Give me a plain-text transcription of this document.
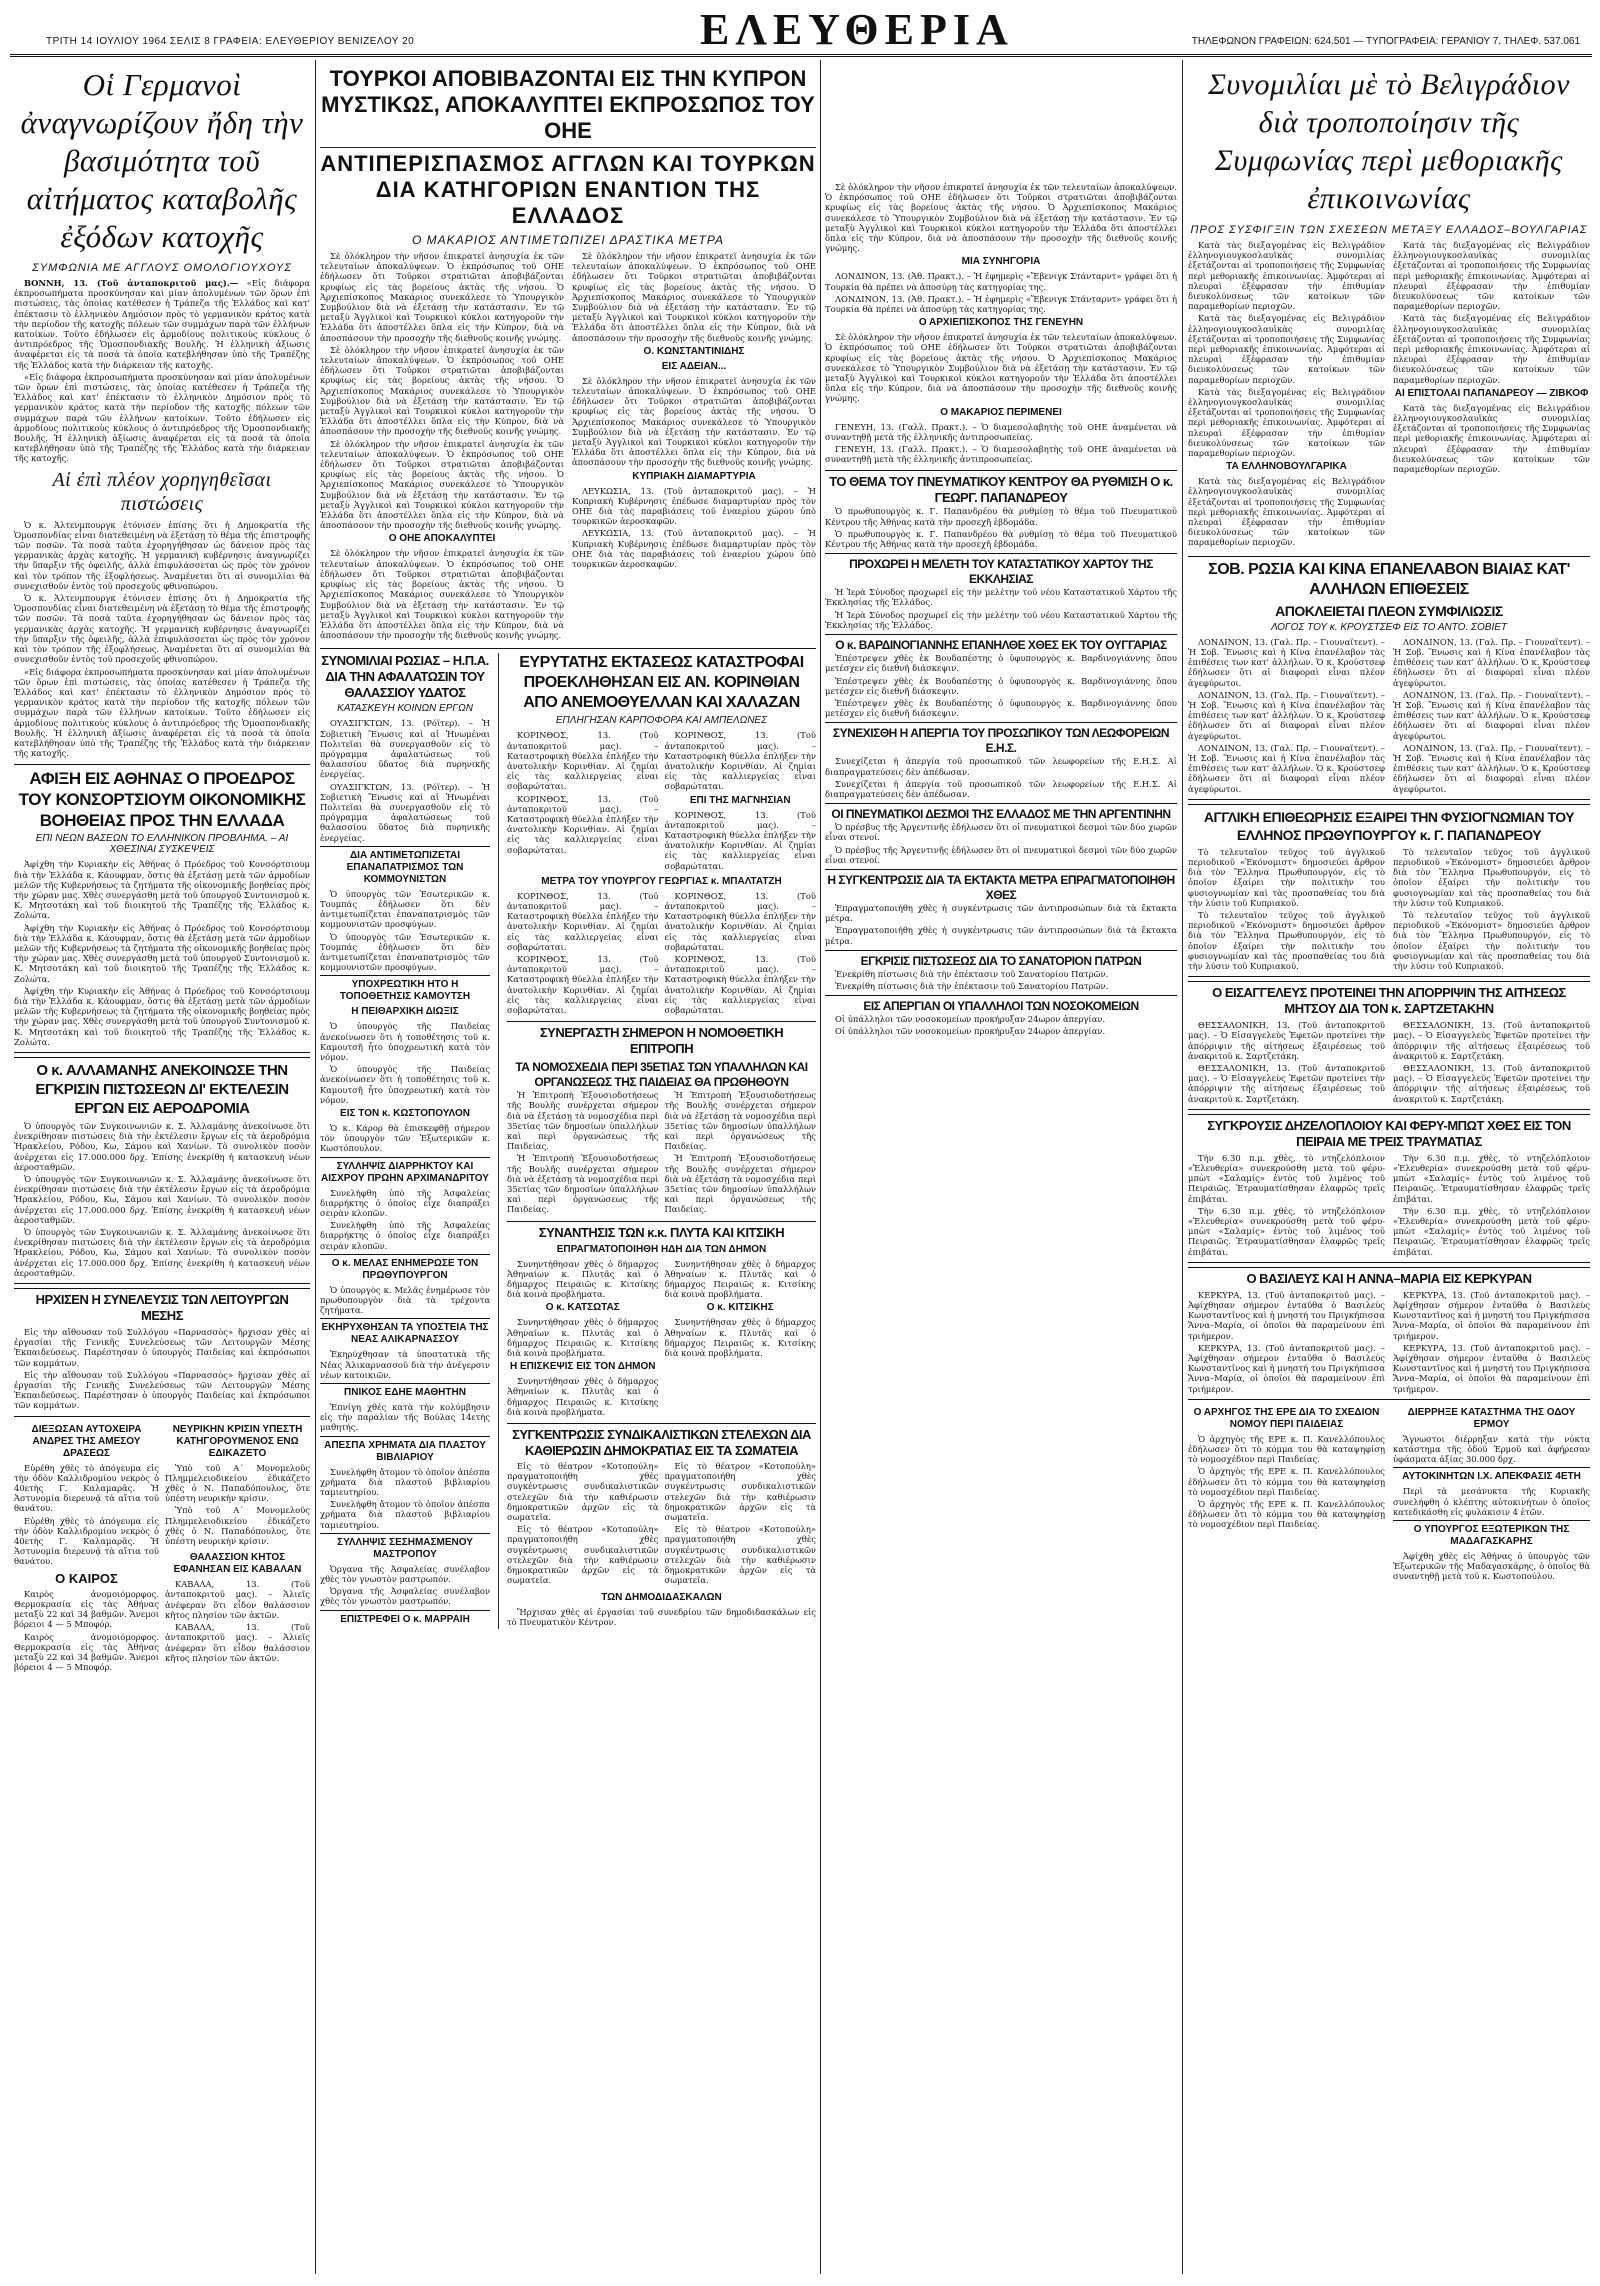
ΤΡΙΤΗ 14 ΙΟΥΛΙΟΥ 1964 ΣΕΛΙΣ 8 ΓΡΑΦΕΙΑ: ΕΛΕΥΘΕΡΙΟΥ ΒΕΝΙΖΕΛΟΥ 20	ΕΛΕΥΘΕΡΙΑ	ΤΗΛΕΦΩΝΟΝ ΓΡΑΦΕΙΩΝ: 624.501 — ΤΥΠΟΓΡΑΦΕΙΑ: ΓΕΡΑΝΙΟΥ 7. ΤΗΛΕΦ. 537.061
Οἱ Γερμανοὶ ἀναγνωρίζουν ἤδη τὴν βασιμότητα τοῦ αἰτήματος καταβολῆς ἐξόδων κατοχῆς
ΣΥΜΦΩΝΙΑ ΜΕ ΑΓΓΛΟΥΣ ΟΜΟΛΟΓΙΟΥΧΟΥΣ

ΒΟΝΝΗ, 13. (Τοῦ ἀνταποκριτοῦ μας).— «Εἰς διάφορα ἐκπροσωπήματα προσκύνησαν καὶ μίαν ἀπολυμένων τῶν ὅρων ἐπὶ πιστώσεις, τὰς ὁποίας κατέθεσεν ἡ Τράπεζα τῆς Ἑλλάδος καὶ κατ' ἐπέκτασιν τὸ ἑλληνικὸν Δημόσιον πρὸς τὸ γερμανικὸν κράτος κατὰ τὴν περίοδον τῆς κατοχῆς πόλεων τῶν συμμάχων παρὰ τῶν ἐλλήνων κατοίκων. Τοῦτο ἐδήλωσεν εἰς ἀρμοδίους πολιτικοὺς κύκλους ὁ ἀντιπρόεδρος τῆς Ὁμοσπονδιακῆς Βουλῆς. Ἡ ἑλληνικὴ ἀξίωσις ἀναφέρεται εἰς τὰ ποσὰ τὰ ὁποῖα κατεβλήθησαν ὑπὸ τῆς Τραπέζης τῆς Ἑλλάδος κατὰ τὴν διάρκειαν τῆς κατοχῆς.

«Εἰς διάφορα ἐκπροσωπήματα προσκύνησαν καὶ μίαν ἀπολυμένων τῶν ὅρων ἐπὶ πιστώσεις, τὰς ὁποίας κατέθεσεν ἡ Τράπεζα τῆς Ἑλλάδος καὶ κατ' ἐπέκτασιν τὸ ἑλληνικὸν Δημόσιον πρὸς τὸ γερμανικὸν κράτος κατὰ τὴν περίοδον τῆς κατοχῆς πόλεων τῶν συμμάχων παρὰ τῶν ἐλλήνων κατοίκων. Τοῦτο ἐδήλωσεν εἰς ἀρμοδίους πολιτικοὺς κύκλους ὁ ἀντιπρόεδρος τῆς Ὁμοσπονδιακῆς Βουλῆς. Ἡ ἑλληνικὴ ἀξίωσις ἀναφέρεται εἰς τὰ ποσὰ τὰ ὁποῖα κατεβλήθησαν ὑπὸ τῆς Τραπέζης τῆς Ἑλλάδος κατὰ τὴν διάρκειαν τῆς κατοχῆς.

Αἱ ἐπὶ πλέον χορηγηθεῖσαι πιστώσεις

Ὁ κ. Ἀλτενμπουργκ ἐτόνισεν ἐπίσης ὅτι ἡ Δημοκρατία τῆς Ὁμοσπονδίας εἶναι διατεθειμένη νὰ ἐξετάσῃ τὸ θέμα τῆς ἐπιστροφῆς τῶν ποσῶν. Τὰ ποσὰ ταῦτα ἐχορηγήθησαν ὡς δάνειον πρὸς τὰς γερμανικὰς ἀρχὰς κατοχῆς. Ἡ γερμανικὴ κυβέρνησις ἀναγνωρίζει τὴν ὕπαρξιν τῆς ὀφειλῆς, ἀλλὰ ἐπιφυλάσσεται ὡς πρὸς τὸν χρόνον καὶ τὸν τρόπον τῆς ἐξοφλήσεως. Ἀναμένεται ὅτι αἱ συνομιλίαι θὰ συνεχισθοῦν ἐντὸς τοῦ προσεχοῦς φθινοπώρου.

Ὁ κ. Ἀλτενμπουργκ ἐτόνισεν ἐπίσης ὅτι ἡ Δημοκρατία τῆς Ὁμοσπονδίας εἶναι διατεθειμένη νὰ ἐξετάσῃ τὸ θέμα τῆς ἐπιστροφῆς τῶν ποσῶν. Τὰ ποσὰ ταῦτα ἐχορηγήθησαν ὡς δάνειον πρὸς τὰς γερμανικὰς ἀρχὰς κατοχῆς. Ἡ γερμανικὴ κυβέρνησις ἀναγνωρίζει τὴν ὕπαρξιν τῆς ὀφειλῆς, ἀλλὰ ἐπιφυλάσσεται ὡς πρὸς τὸν χρόνον καὶ τὸν τρόπον τῆς ἐξοφλήσεως. Ἀναμένεται ὅτι αἱ συνομιλίαι θὰ συνεχισθοῦν ἐντὸς τοῦ προσεχοῦς φθινοπώρου.

«Εἰς διάφορα ἐκπροσωπήματα προσκύνησαν καὶ μίαν ἀπολυμένων τῶν ὅρων ἐπὶ πιστώσεις, τὰς ὁποίας κατέθεσεν ἡ Τράπεζα τῆς Ἑλλάδος καὶ κατ' ἐπέκτασιν τὸ ἑλληνικὸν Δημόσιον πρὸς τὸ γερμανικὸν κράτος κατὰ τὴν περίοδον τῆς κατοχῆς πόλεων τῶν συμμάχων παρὰ τῶν ἐλλήνων κατοίκων. Τοῦτο ἐδήλωσεν εἰς ἀρμοδίους πολιτικοὺς κύκλους ὁ ἀντιπρόεδρος τῆς Ὁμοσπονδιακῆς Βουλῆς. Ἡ ἑλληνικὴ ἀξίωσις ἀναφέρεται εἰς τὰ ποσὰ τὰ ὁποῖα κατεβλήθησαν ὑπὸ τῆς Τραπέζης τῆς Ἑλλάδος κατὰ τὴν διάρκειαν τῆς κατοχῆς.

ΑΦΙΞΗ ΕΙΣ ΑΘΗΝΑΣ Ο ΠΡΟΕΔΡΟΣ ΤΟΥ ΚΟΝΣΟΡΤΣΙΟΥΜ ΟΙΚΟΝΟΜΙΚΗΣ ΒΟΗΘΕΙΑΣ ΠΡΟΣ ΤΗΝ ΕΛΛΑΔΑ
ΕΠΙ ΝΕΩΝ ΒΑΣΕΩΝ ΤΟ ΕΛΛΗΝΙΚΟΝ ΠΡΟΒΛΗΜΑ. – ΑΙ ΧΘΕΣΙΝΑΙ ΣΥΣΚΕΨΕΙΣ

Ἀφίχθη τὴν Κυριακὴν εἰς Ἀθήνας ὁ Πρόεδρος τοῦ Κονσόρτσιουμ διὰ τὴν Ἑλλάδα κ. Κάουφμαν, ὅστις θὰ ἐξετάσῃ μετὰ τῶν ἁρμοδίων μελῶν τῆς Κυβερνήσεως τὰ ζητήματα τῆς οἰκονομικῆς βοηθείας πρὸς τὴν χώραν μας. Χθὲς συνεργάσθη μετὰ τοῦ ὑπουργοῦ Συντονισμοῦ κ. Κ. Μητσοτάκη καὶ τοῦ διοικητοῦ τῆς Τραπέζης τῆς Ἑλλάδος κ. Ζολώτα.

Ἀφίχθη τὴν Κυριακὴν εἰς Ἀθήνας ὁ Πρόεδρος τοῦ Κονσόρτσιουμ διὰ τὴν Ἑλλάδα κ. Κάουφμαν, ὅστις θὰ ἐξετάσῃ μετὰ τῶν ἁρμοδίων μελῶν τῆς Κυβερνήσεως τὰ ζητήματα τῆς οἰκονομικῆς βοηθείας πρὸς τὴν χώραν μας. Χθὲς συνεργάσθη μετὰ τοῦ ὑπουργοῦ Συντονισμοῦ κ. Κ. Μητσοτάκη καὶ τοῦ διοικητοῦ τῆς Τραπέζης τῆς Ἑλλάδος κ. Ζολώτα.

Ἀφίχθη τὴν Κυριακὴν εἰς Ἀθήνας ὁ Πρόεδρος τοῦ Κονσόρτσιουμ διὰ τὴν Ἑλλάδα κ. Κάουφμαν, ὅστις θὰ ἐξετάσῃ μετὰ τῶν ἁρμοδίων μελῶν τῆς Κυβερνήσεως τὰ ζητήματα τῆς οἰκονομικῆς βοηθείας πρὸς τὴν χώραν μας. Χθὲς συνεργάσθη μετὰ τοῦ ὑπουργοῦ Συντονισμοῦ κ. Κ. Μητσοτάκη καὶ τοῦ διοικητοῦ τῆς Τραπέζης τῆς Ἑλλάδος κ. Ζολώτα.

Ο κ. ΑΛΛΑΜΑΝΗΣ ΑΝΕΚΟΙΝΩΣΕ ΤΗΝ ΕΓΚΡΙΣΙΝ ΠΙΣΤΩΣΕΩΝ ΔΙ' ΕΚΤΕΛΕΣΙΝ ΕΡΓΩΝ ΕΙΣ ΑΕΡΟΔΡΟΜΙΑ

Ὁ ὑπουργὸς τῶν Συγκοινωνιῶν κ. Σ. Ἀλλαμάνης ἀνεκοίνωσε ὅτι ἐνεκρίθησαν πιστώσεις διὰ τὴν ἐκτέλεσιν ἔργων εἰς τὰ ἀεροδρόμια Ἡρακλείου, Ρόδου, Κω, Σάμου καὶ Χανίων. Τὸ συνολικὸν ποσὸν ἀνέρχεται εἰς 17.000.000 δρχ. Ἐπίσης ἐνεκρίθη ἡ κατασκευὴ νέων ἀεροσταθμῶν.

Ὁ ὑπουργὸς τῶν Συγκοινωνιῶν κ. Σ. Ἀλλαμάνης ἀνεκοίνωσε ὅτι ἐνεκρίθησαν πιστώσεις διὰ τὴν ἐκτέλεσιν ἔργων εἰς τὰ ἀεροδρόμια Ἡρακλείου, Ρόδου, Κω, Σάμου καὶ Χανίων. Τὸ συνολικὸν ποσὸν ἀνέρχεται εἰς 17.000.000 δρχ. Ἐπίσης ἐνεκρίθη ἡ κατασκευὴ νέων ἀεροσταθμῶν.

Ὁ ὑπουργὸς τῶν Συγκοινωνιῶν κ. Σ. Ἀλλαμάνης ἀνεκοίνωσε ὅτι ἐνεκρίθησαν πιστώσεις διὰ τὴν ἐκτέλεσιν ἔργων εἰς τὰ ἀεροδρόμια Ἡρακλείου, Ρόδου, Κω, Σάμου καὶ Χανίων. Τὸ συνολικὸν ποσὸν ἀνέρχεται εἰς 17.000.000 δρχ. Ἐπίσης ἐνεκρίθη ἡ κατασκευὴ νέων ἀεροσταθμῶν.

ΗΡΧΙΣΕΝ Η ΣΥΝΕΛΕΥΣΙΣ ΤΩΝ ΛΕΙΤΟΥΡΓΩΝ ΜΕΣΗΣ

Εἰς τὴν αἴθουσαν τοῦ Συλλόγου «Παρνασσὸς» ἤρχισαν χθὲς αἱ ἐργασίαι τῆς Γενικῆς Συνελεύσεως τῶν Λειτουργῶν Μέσης Ἐκπαιδεύσεως. Παρέστησαν ὁ ὑπουργὸς Παιδείας καὶ ἐκπρόσωποι τῶν κομμάτων.

Εἰς τὴν αἴθουσαν τοῦ Συλλόγου «Παρνασσὸς» ἤρχισαν χθὲς αἱ ἐργασίαι τῆς Γενικῆς Συνελεύσεως τῶν Λειτουργῶν Μέσης Ἐκπαιδεύσεως. Παρέστησαν ὁ ὑπουργὸς Παιδείας καὶ ἐκπρόσωποι τῶν κομμάτων.

ΔΙΕΞΩΣΑΝ ΑΥΤΟΧΕΙΡΑ ΑΝΔΡΕΣ ΤΗΣ ΑΜΕΣΟΥ ΔΡΑΣΕΩΣ

Εὑρέθη χθὲς τὸ ἀπόγευμα εἰς τὴν ὁδὸν Καλλιδρομίου νεκρὸς ὁ 40ετὴς Γ. Καλαμαρᾶς. Ἡ Ἀστυνομία διερευνᾷ τὰ αἴτια τοῦ θανάτου.

Εὑρέθη χθὲς τὸ ἀπόγευμα εἰς τὴν ὁδὸν Καλλιδρομίου νεκρὸς ὁ 40ετὴς Γ. Καλαμαρᾶς. Ἡ Ἀστυνομία διερευνᾷ τὰ αἴτια τοῦ θανάτου.

Ο ΚΑΙΡΟΣ

Καιρὸς ἀνομοιόμορφος. Θερμοκρασία εἰς τὰς Ἀθήνας μεταξὺ 22 καὶ 34 βαθμῶν. Ἄνεμοι βόρειοι 4 — 5 Μποφόρ.

Καιρὸς ἀνομοιόμορφος. Θερμοκρασία εἰς τὰς Ἀθήνας μεταξὺ 22 καὶ 34 βαθμῶν. Ἄνεμοι βόρειοι 4 — 5 Μποφόρ.

ΝΕΥΡΙΚΗΝ ΚΡΙΣΙΝ ΥΠΕΣΤΗ ΚΑΤΗΓΟΡΟΥΜΕΝΟΣ ΕΝΩ ΕΔΙΚΑΖΕΤΟ

Ὑπὸ τοῦ Α΄ Μονομελοῦς Πλημμελειοδικείου ἐδικάζετο χθὲς ὁ Ν. Παπαδόπουλος, ὅτε ὑπέστη νευρικὴν κρίσιν.

Ὑπὸ τοῦ Α΄ Μονομελοῦς Πλημμελειοδικείου ἐδικάζετο χθὲς ὁ Ν. Παπαδόπουλος, ὅτε ὑπέστη νευρικὴν κρίσιν.

ΘΑΛΑΣΣΙΟΝ ΚΗΤΟΣ ΕΦΑΝΗΣΑΝ ΕΙΣ ΚΑΒΑΛΑΝ

ΚΑΒΑΛΑ, 13. (Τοῦ ἀνταποκριτοῦ μας). – Ἁλιεῖς ἀνέφεραν ὅτι εἶδον θαλάσσιον κῆτος πλησίον τῶν ἀκτῶν.

ΚΑΒΑΛΑ, 13. (Τοῦ ἀνταποκριτοῦ μας). – Ἁλιεῖς ἀνέφεραν ὅτι εἶδον θαλάσσιον κῆτος πλησίον τῶν ἀκτῶν.

ΤΟΥΡΚΟΙ ΑΠΟΒΙΒΑΖΟΝΤΑΙ ΕΙΣ ΤΗΝ ΚΥΠΡΟΝ ΜΥΣΤΙΚΩΣ, ΑΠΟΚΑΛΥΠΤΕΙ ΕΚΠΡΟΣΩΠΟΣ ΤΟΥ ΟΗΕ
ΑΝΤΙΠΕΡΙΣΠΑΣΜΟΣ ΑΓΓΛΩΝ ΚΑΙ ΤΟΥΡΚΩΝ ΔΙΑ ΚΑΤΗΓΟΡΙΩΝ ΕΝΑΝΤΙΟΝ ΤΗΣ ΕΛΛΑΔΟΣ
Ο ΜΑΚΑΡΙΟΣ ΑΝΤΙΜΕΤΩΠΙΖΕΙ ΔΡΑΣΤΙΚΑ ΜΕΤΡΑ

Σὲ ὁλόκληρον τὴν νῆσον ἐπικρατεῖ ἀνησυχία ἐκ τῶν τελευταίων ἀποκαλύψεων. Ὁ ἐκπρόσωπος τοῦ ΟΗΕ ἐδήλωσεν ὅτι Τοῦρκοι στρατιῶται ἀποβιβάζονται κρυφίως εἰς τὰς βορείους ἀκτὰς τῆς νήσου. Ὁ Ἀρχιεπίσκοπος Μακάριος συνεκάλεσε τὸ Ὑπουργικὸν Συμβούλιον διὰ νὰ ἐξετάσῃ τὴν κατάστασιν. Ἐν τῷ μεταξὺ Ἀγγλικοὶ καὶ Τουρκικοὶ κύκλοι κατηγοροῦν τὴν Ἑλλάδα ὅτι ἀποστέλλει ὅπλα εἰς τὴν Κύπρον, διὰ νὰ ἀποσπάσουν τὴν προσοχὴν τῆς διεθνοῦς κοινῆς γνώμης.

Σὲ ὁλόκληρον τὴν νῆσον ἐπικρατεῖ ἀνησυχία ἐκ τῶν τελευταίων ἀποκαλύψεων. Ὁ ἐκπρόσωπος τοῦ ΟΗΕ ἐδήλωσεν ὅτι Τοῦρκοι στρατιῶται ἀποβιβάζονται κρυφίως εἰς τὰς βορείους ἀκτὰς τῆς νήσου. Ὁ Ἀρχιεπίσκοπος Μακάριος συνεκάλεσε τὸ Ὑπουργικὸν Συμβούλιον διὰ νὰ ἐξετάσῃ τὴν κατάστασιν. Ἐν τῷ μεταξὺ Ἀγγλικοὶ καὶ Τουρκικοὶ κύκλοι κατηγοροῦν τὴν Ἑλλάδα ὅτι ἀποστέλλει ὅπλα εἰς τὴν Κύπρον, διὰ νὰ ἀποσπάσουν τὴν προσοχὴν τῆς διεθνοῦς κοινῆς γνώμης.

Σὲ ὁλόκληρον τὴν νῆσον ἐπικρατεῖ ἀνησυχία ἐκ τῶν τελευταίων ἀποκαλύψεων. Ὁ ἐκπρόσωπος τοῦ ΟΗΕ ἐδήλωσεν ὅτι Τοῦρκοι στρατιῶται ἀποβιβάζονται κρυφίως εἰς τὰς βορείους ἀκτὰς τῆς νήσου. Ὁ Ἀρχιεπίσκοπος Μακάριος συνεκάλεσε τὸ Ὑπουργικὸν Συμβούλιον διὰ νὰ ἐξετάσῃ τὴν κατάστασιν. Ἐν τῷ μεταξὺ Ἀγγλικοὶ καὶ Τουρκικοὶ κύκλοι κατηγοροῦν τὴν Ἑλλάδα ὅτι ἀποστέλλει ὅπλα εἰς τὴν Κύπρον, διὰ νὰ ἀποσπάσουν τὴν προσοχὴν τῆς διεθνοῦς κοινῆς γνώμης.

Ο ΟΗΕ ΑΠΟΚΑΛΥΠΤΕΙ

Σὲ ὁλόκληρον τὴν νῆσον ἐπικρατεῖ ἀνησυχία ἐκ τῶν τελευταίων ἀποκαλύψεων. Ὁ ἐκπρόσωπος τοῦ ΟΗΕ ἐδήλωσεν ὅτι Τοῦρκοι στρατιῶται ἀποβιβάζονται κρυφίως εἰς τὰς βορείους ἀκτὰς τῆς νήσου. Ὁ Ἀρχιεπίσκοπος Μακάριος συνεκάλεσε τὸ Ὑπουργικὸν Συμβούλιον διὰ νὰ ἐξετάσῃ τὴν κατάστασιν. Ἐν τῷ μεταξὺ Ἀγγλικοὶ καὶ Τουρκικοὶ κύκλοι κατηγοροῦν τὴν Ἑλλάδα ὅτι ἀποστέλλει ὅπλα εἰς τὴν Κύπρον, διὰ νὰ ἀποσπάσουν τὴν προσοχὴν τῆς διεθνοῦς κοινῆς γνώμης.

Σὲ ὁλόκληρον τὴν νῆσον ἐπικρατεῖ ἀνησυχία ἐκ τῶν τελευταίων ἀποκαλύψεων. Ὁ ἐκπρόσωπος τοῦ ΟΗΕ ἐδήλωσεν ὅτι Τοῦρκοι στρατιῶται ἀποβιβάζονται κρυφίως εἰς τὰς βορείους ἀκτὰς τῆς νήσου. Ὁ Ἀρχιεπίσκοπος Μακάριος συνεκάλεσε τὸ Ὑπουργικὸν Συμβούλιον διὰ νὰ ἐξετάσῃ τὴν κατάστασιν. Ἐν τῷ μεταξὺ Ἀγγλικοὶ καὶ Τουρκικοὶ κύκλοι κατηγοροῦν τὴν Ἑλλάδα ὅτι ἀποστέλλει ὅπλα εἰς τὴν Κύπρον, διὰ νὰ ἀποσπάσουν τὴν προσοχὴν τῆς διεθνοῦς κοινῆς γνώμης.

Ο. ΚΩΝΣΤΑΝΤΙΝΙΔΗΣ
ΕΙΣ ΑΔΕΙΑΝ...

Σὲ ὁλόκληρον τὴν νῆσον ἐπικρατεῖ ἀνησυχία ἐκ τῶν τελευταίων ἀποκαλύψεων. Ὁ ἐκπρόσωπος τοῦ ΟΗΕ ἐδήλωσεν ὅτι Τοῦρκοι στρατιῶται ἀποβιβάζονται κρυφίως εἰς τὰς βορείους ἀκτὰς τῆς νήσου. Ὁ Ἀρχιεπίσκοπος Μακάριος συνεκάλεσε τὸ Ὑπουργικὸν Συμβούλιον διὰ νὰ ἐξετάσῃ τὴν κατάστασιν. Ἐν τῷ μεταξὺ Ἀγγλικοὶ καὶ Τουρκικοὶ κύκλοι κατηγοροῦν τὴν Ἑλλάδα ὅτι ἀποστέλλει ὅπλα εἰς τὴν Κύπρον, διὰ νὰ ἀποσπάσουν τὴν προσοχὴν τῆς διεθνοῦς κοινῆς γνώμης.

ΚΥΠΡΙΑΚΗ ΔΙΑΜΑΡΤΥΡΙΑ

ΛΕΥΚΩΣΙΑ, 13. (Τοῦ ἀνταποκριτοῦ μας). – Ἡ Κυπριακὴ Κυβέρνησις ἐπέδωσε διαμαρτυρίαν πρὸς τὸν ΟΗΕ διὰ τὰς παραβιάσεις τοῦ ἐναερίου χώρου ὑπὸ τουρκικῶν ἀεροσκαφῶν.

ΛΕΥΚΩΣΙΑ, 13. (Τοῦ ἀνταποκριτοῦ μας). – Ἡ Κυπριακὴ Κυβέρνησις ἐπέδωσε διαμαρτυρίαν πρὸς τὸν ΟΗΕ διὰ τὰς παραβιάσεις τοῦ ἐναερίου χώρου ὑπὸ τουρκικῶν ἀεροσκαφῶν.

ΣΥΝΟΜΙΛΙΑΙ ΡΩΣΙΑΣ – Η.Π.Α. ΔΙΑ ΤΗΝ ΑΦΑΛΑΤΩΣΙΝ ΤΟΥ ΘΑΛΑΣΣΙΟΥ ΥΔΑΤΟΣ
ΚΑΤΑΣΚΕΥΗ ΚΟΙΝΩΝ ΕΡΓΩΝ

ΟΥΑΣΙΓΚΤΩΝ, 13. (Ρόϊτερ). – Ἡ Σοβιετικὴ Ἕνωσις καὶ αἱ Ἡνωμέναι Πολιτεῖαι θὰ συνεργασθοῦν εἰς τὸ πρόγραμμα ἀφαλατώσεως τοῦ θαλασσίου ὕδατος διὰ πυρηνικῆς ἐνεργείας.

ΟΥΑΣΙΓΚΤΩΝ, 13. (Ρόϊτερ). – Ἡ Σοβιετικὴ Ἕνωσις καὶ αἱ Ἡνωμέναι Πολιτεῖαι θὰ συνεργασθοῦν εἰς τὸ πρόγραμμα ἀφαλατώσεως τοῦ θαλασσίου ὕδατος διὰ πυρηνικῆς ἐνεργείας.

ΔΙΑ ΑΝΤΙΜΕΤΩΠΙΖΕΤΑΙ ΕΠΑΝΑΠΑΤΡΙΣΜΟΣ ΤΩΝ ΚΟΜΜΟΥΝΙΣΤΩΝ

Ὁ ὑπουργὸς τῶν Ἐσωτερικῶν κ. Τουμπάς ἐδήλωσεν ὅτι δὲν ἀντιμετωπίζεται ἐπαναπατρισμὸς τῶν κομμουνιστῶν προσφύγων.

Ὁ ὑπουργὸς τῶν Ἐσωτερικῶν κ. Τουμπάς ἐδήλωσεν ὅτι δὲν ἀντιμετωπίζεται ἐπαναπατρισμὸς τῶν κομμουνιστῶν προσφύγων.

ΥΠΟΧΡΕΩΤΙΚΗ ΗΤΟ Η ΤΟΠΟΘΕΤΗΣΙΣ ΚΑΜΟΥΤΣΗ
Η ΠΕΙΘΑΡΧΙΚΗ ΔΙΩΞΙΣ

Ὁ ὑπουργὸς τῆς Παιδείας ἀνεκοίνωσεν ὅτι ἡ τοποθέτησις τοῦ κ. Καμουτσῆ ἦτο ὑποχρεωτικὴ κατὰ τὸν νόμον.

Ὁ ὑπουργὸς τῆς Παιδείας ἀνεκοίνωσεν ὅτι ἡ τοποθέτησις τοῦ κ. Καμουτσῆ ἦτο ὑποχρεωτικὴ κατὰ τὸν νόμον.

ΕΙΣ ΤΟΝ κ. ΚΩΣΤΟΠΟΥΛΟΝ

Ὁ κ. Κάρορ θὰ ἐπισκεφθῇ σήμερον τὸν ὑπουργὸν τῶν Ἐξωτερικῶν κ. Κωστόπουλον.

ΣΥΛΛΗΨΙΣ ΔΙΑΡΡΗΚΤΟΥ ΚΑΙ ΑΙΣΧΡΟΥ ΠΡΩΗΝ ΑΡΧΙΜΑΝΔΡΙΤΟΥ

Συνελήφθη ὑπὸ τῆς Ἀσφαλείας διαρρήκτης ὁ ὁποῖος εἶχε διαπράξει σειρὰν κλοπῶν.

Συνελήφθη ὑπὸ τῆς Ἀσφαλείας διαρρήκτης ὁ ὁποῖος εἶχε διαπράξει σειρὰν κλοπῶν.

Ο κ. ΜΕΛΑΣ ΕΝΗΜΕΡΩΣΕ ΤΟΝ ΠΡΩΘΥΠΟΥΡΓΟΝ

Ὁ ὑπουργὸς κ. Μελᾶς ἐνημέρωσε τὸν πρωθυπουργὸν διὰ τὰ τρέχοντα ζητήματα.

ΕΚΗΡΥΧΘΗΣΑΝ ΤΑ ΥΠΟΣΤΕΙΑ ΤΗΣ ΝΕΑΣ ΑΛΙΚΑΡΝΑΣΣΟΥ

Ἐκηρύχθησαν τὰ ὑποστατικὰ τῆς Νέας Ἀλικαρνασσοῦ διὰ τὴν ἀνέγερσιν νέων κατοικιῶν.

ΠΝΙΚΟΣ ΕΔΗΕ ΜΑΘΗΤΗΝ

Ἐπνίγη χθὲς κατὰ τὴν κολύμβησιν εἰς τὴν παραλίαν τῆς Βούλας 14ετὴς μαθητής.

ΑΠΕΣΠΑ ΧΡΗΜΑΤΑ ΔΙΑ ΠΛΑΣΤΟΥ ΒΙΒΛΙΑΡΙΟΥ

Συνελήφθη ἄτομον τὸ ὁποῖον ἀπέσπα χρήματα διὰ πλαστοῦ βιβλιαρίου ταμιευτηρίου.

Συνελήφθη ἄτομον τὸ ὁποῖον ἀπέσπα χρήματα διὰ πλαστοῦ βιβλιαρίου ταμιευτηρίου.

ΣΥΛΛΗΨΙΣ ΣΕΣΗΜΑΣΜΕΝΟΥ ΜΑΣΤΡΟΠΟΥ

Ὀργανα τῆς Ἀσφαλείας συνέλαβον χθὲς τὸν γνωστὸν μαστρωπόν.

Ὀργανα τῆς Ἀσφαλείας συνέλαβον χθὲς τὸν γνωστὸν μαστρωπόν.

ΕΠΙΣΤΡΕΦΕΙ Ο κ. ΜΑΡΡΑΙΗ
ΕΥΡΥΤΑΤΗΣ ΕΚΤΑΣΕΩΣ ΚΑΤΑΣΤΡΟΦΑΙ ΠΡΟΕΚΛΗΘΗΣΑΝ ΕΙΣ ΑΝ. ΚΟΡΙΝΘΙΑΝ ΑΠΟ ΑΝΕΜΟΘΥΕΛΛΑΝ ΚΑΙ ΧΑΛΑΖΑΝ
ΕΠΛΗΓΗΣΑΝ ΚΑΡΠΟΦΟΡΑ ΚΑΙ ΑΜΠΕΛΩΝΕΣ

ΚΟΡΙΝΘΟΣ, 13. (Τοῦ ἀνταποκριτοῦ μας). – Καταστροφικὴ θύελλα ἐπλήξεν τὴν ἀνατολικὴν Κορινθίαν. Αἱ ζημίαι εἰς τὰς καλλιεργείας εἶναι σοβαρώταται.

ΚΟΡΙΝΘΟΣ, 13. (Τοῦ ἀνταποκριτοῦ μας). – Καταστροφικὴ θύελλα ἐπλήξεν τὴν ἀνατολικὴν Κορινθίαν. Αἱ ζημίαι εἰς τὰς καλλιεργείας εἶναι σοβαρώταται.

ΚΟΡΙΝΘΟΣ, 13. (Τοῦ ἀνταποκριτοῦ μας). – Καταστροφικὴ θύελλα ἐπλήξεν τὴν ἀνατολικὴν Κορινθίαν. Αἱ ζημίαι εἰς τὰς καλλιεργείας εἶναι σοβαρώταται.

ΕΠΙ ΤΗΣ ΜΑΓΝΗΣΙΑΝ

ΚΟΡΙΝΘΟΣ, 13. (Τοῦ ἀνταποκριτοῦ μας). – Καταστροφικὴ θύελλα ἐπλήξεν τὴν ἀνατολικὴν Κορινθίαν. Αἱ ζημίαι εἰς τὰς καλλιεργείας εἶναι σοβαρώταται.

ΜΕΤΡΑ ΤΟΥ ΥΠΟΥΡΓΟΥ ΓΕΩΡΓΙΑΣ κ. ΜΠΑΛΤΑΤΖΗ

ΚΟΡΙΝΘΟΣ, 13. (Τοῦ ἀνταποκριτοῦ μας). – Καταστροφικὴ θύελλα ἐπλήξεν τὴν ἀνατολικὴν Κορινθίαν. Αἱ ζημίαι εἰς τὰς καλλιεργείας εἶναι σοβαρώταται.

ΚΟΡΙΝΘΟΣ, 13. (Τοῦ ἀνταποκριτοῦ μας). – Καταστροφικὴ θύελλα ἐπλήξεν τὴν ἀνατολικὴν Κορινθίαν. Αἱ ζημίαι εἰς τὰς καλλιεργείας εἶναι σοβαρώταται.

ΚΟΡΙΝΘΟΣ, 13. (Τοῦ ἀνταποκριτοῦ μας). – Καταστροφικὴ θύελλα ἐπλήξεν τὴν ἀνατολικὴν Κορινθίαν. Αἱ ζημίαι εἰς τὰς καλλιεργείας εἶναι σοβαρώταται.

ΚΟΡΙΝΘΟΣ, 13. (Τοῦ ἀνταποκριτοῦ μας). – Καταστροφικὴ θύελλα ἐπλήξεν τὴν ἀνατολικὴν Κορινθίαν. Αἱ ζημίαι εἰς τὰς καλλιεργείας εἶναι σοβαρώταται.

ΣΥΝΕΡΓΑΣΤΗ ΣΗΜΕΡΟΝ Η ΝΟΜΟΘΕΤΙΚΗ ΕΠΙΤΡΟΠΗ
ΤΑ ΝΟΜΟΣΧΕΔΙΑ ΠΕΡΙ 35ΕΤΙΑΣ ΤΩΝ ΥΠΑΛΛΗΛΩΝ ΚΑΙ ΟΡΓΑΝΩΣΕΩΣ ΤΗΣ ΠΑΙΔΕΙΑΣ ΘΑ ΠΡΩΘΗΘΟΥΝ

Ἡ Ἐπιτροπὴ Ἐξουσιοδοτήσεως τῆς Βουλῆς συνέρχεται σήμερον διὰ νὰ ἐξετάσῃ τὰ νομοσχέδια περὶ 35ετίας τῶν δημοσίων ὑπαλλήλων καὶ περὶ ὀργανώσεως τῆς Παιδείας.

Ἡ Ἐπιτροπὴ Ἐξουσιοδοτήσεως τῆς Βουλῆς συνέρχεται σήμερον διὰ νὰ ἐξετάσῃ τὰ νομοσχέδια περὶ 35ετίας τῶν δημοσίων ὑπαλλήλων καὶ περὶ ὀργανώσεως τῆς Παιδείας.

Ἡ Ἐπιτροπὴ Ἐξουσιοδοτήσεως τῆς Βουλῆς συνέρχεται σήμερον διὰ νὰ ἐξετάσῃ τὰ νομοσχέδια περὶ 35ετίας τῶν δημοσίων ὑπαλλήλων καὶ περὶ ὀργανώσεως τῆς Παιδείας.

Ἡ Ἐπιτροπὴ Ἐξουσιοδοτήσεως τῆς Βουλῆς συνέρχεται σήμερον διὰ νὰ ἐξετάσῃ τὰ νομοσχέδια περὶ 35ετίας τῶν δημοσίων ὑπαλλήλων καὶ περὶ ὀργανώσεως τῆς Παιδείας.

ΣΥΝΑΝΤΗΣΙΣ ΤΩΝ κ.κ. ΠΛΥΤΑ ΚΑΙ ΚΙΤΣΙΚΗ
ΕΠΡΑΓΜΑΤΟΠΟΙΗΘΗ ΗΔΗ ΔΙΑ ΤΩΝ ΔΗΜΟΝ

Συνηντήθησαν χθὲς ὁ δήμαρχος Ἀθηναίων κ. Πλυτᾶς καὶ ὁ δήμαρχος Πειραιῶς κ. Κιτσίκης διὰ κοινὰ προβλήματα.

Ο κ. ΚΑΤΣΩΤΑΣ

Συνηντήθησαν χθὲς ὁ δήμαρχος Ἀθηναίων κ. Πλυτᾶς καὶ ὁ δήμαρχος Πειραιῶς κ. Κιτσίκης διὰ κοινὰ προβλήματα.

Η ΕΠΙΣΚΕΨΙΣ ΕΙΣ ΤΟΝ ΔΗΜΟΝ

Συνηντήθησαν χθὲς ὁ δήμαρχος Ἀθηναίων κ. Πλυτᾶς καὶ ὁ δήμαρχος Πειραιῶς κ. Κιτσίκης διὰ κοινὰ προβλήματα.

Συνηντήθησαν χθὲς ὁ δήμαρχος Ἀθηναίων κ. Πλυτᾶς καὶ ὁ δήμαρχος Πειραιῶς κ. Κιτσίκης διὰ κοινὰ προβλήματα.

Ο κ. ΚΙΤΣΙΚΗΣ

Συνηντήθησαν χθὲς ὁ δήμαρχος Ἀθηναίων κ. Πλυτᾶς καὶ ὁ δήμαρχος Πειραιῶς κ. Κιτσίκης διὰ κοινὰ προβλήματα.

ΣΥΓΚΕΝΤΡΩΣΙΣ ΣΥΝΔΙΚΑΛΙΣΤΙΚΩΝ ΣΤΕΛΕΧΩΝ ΔΙΑ ΚΑΘΙΕΡΩΣΙΝ ΔΗΜΟΚΡΑΤΙΑΣ ΕΙΣ ΤΑ ΣΩΜΑΤΕΙΑ

Εἰς τὸ θέατρον «Κοτοπούλη» πραγματοποιήθη χθὲς συγκέντρωσις συνδικαλιστικῶν στελεχῶν διὰ τὴν καθιέρωσιν δημοκρατικῶν ἀρχῶν εἰς τὰ σωματεῖα.

Εἰς τὸ θέατρον «Κοτοπούλη» πραγματοποιήθη χθὲς συγκέντρωσις συνδικαλιστικῶν στελεχῶν διὰ τὴν καθιέρωσιν δημοκρατικῶν ἀρχῶν εἰς τὰ σωματεῖα.

Εἰς τὸ θέατρον «Κοτοπούλη» πραγματοποιήθη χθὲς συγκέντρωσις συνδικαλιστικῶν στελεχῶν διὰ τὴν καθιέρωσιν δημοκρατικῶν ἀρχῶν εἰς τὰ σωματεῖα.

Εἰς τὸ θέατρον «Κοτοπούλη» πραγματοποιήθη χθὲς συγκέντρωσις συνδικαλιστικῶν στελεχῶν διὰ τὴν καθιέρωσιν δημοκρατικῶν ἀρχῶν εἰς τὰ σωματεῖα.

ΤΩΝ ΔΗΜΟΔΙΔΑΣΚΑΛΩΝ

Ἤρχισαν χθὲς αἱ ἐργασίαι τοῦ συνεδρίου τῶν δημοδιδασκάλων εἰς τὸ Πνευματικὸν Κέντρον.

Σὲ ὁλόκληρον τὴν νῆσον ἐπικρατεῖ ἀνησυχία ἐκ τῶν τελευταίων ἀποκαλύψεων. Ὁ ἐκπρόσωπος τοῦ ΟΗΕ ἐδήλωσεν ὅτι Τοῦρκοι στρατιῶται ἀποβιβάζονται κρυφίως εἰς τὰς βορείους ἀκτὰς τῆς νήσου. Ὁ Ἀρχιεπίσκοπος Μακάριος συνεκάλεσε τὸ Ὑπουργικὸν Συμβούλιον διὰ νὰ ἐξετάσῃ τὴν κατάστασιν. Ἐν τῷ μεταξὺ Ἀγγλικοὶ καὶ Τουρκικοὶ κύκλοι κατηγοροῦν τὴν Ἑλλάδα ὅτι ἀποστέλλει ὅπλα εἰς τὴν Κύπρον, διὰ νὰ ἀποσπάσουν τὴν προσοχὴν τῆς διεθνοῦς κοινῆς γνώμης.

ΜΙΑ ΣΥΝΗΓΟΡΙΑ

ΛΟΝΔΙΝΟΝ, 13. (Ἀθ. Πρακτ.). – Ἡ ἐφημερὶς «Ἔβενιγκ Στάνταρντ» γράφει ὅτι ἡ Τουρκία θὰ πρέπει νὰ ἀποσύρῃ τὰς κατηγορίας της.

ΛΟΝΔΙΝΟΝ, 13. (Ἀθ. Πρακτ.). – Ἡ ἐφημερὶς «Ἔβενιγκ Στάνταρντ» γράφει ὅτι ἡ Τουρκία θὰ πρέπει νὰ ἀποσύρῃ τὰς κατηγορίας της.

Ο ΑΡΧΙΕΠΙΣΚΟΠΟΣ ΤΗΣ ΓΕΝΕΥΗΝ

Σὲ ὁλόκληρον τὴν νῆσον ἐπικρατεῖ ἀνησυχία ἐκ τῶν τελευταίων ἀποκαλύψεων. Ὁ ἐκπρόσωπος τοῦ ΟΗΕ ἐδήλωσεν ὅτι Τοῦρκοι στρατιῶται ἀποβιβάζονται κρυφίως εἰς τὰς βορείους ἀκτὰς τῆς νήσου. Ὁ Ἀρχιεπίσκοπος Μακάριος συνεκάλεσε τὸ Ὑπουργικὸν Συμβούλιον διὰ νὰ ἐξετάσῃ τὴν κατάστασιν. Ἐν τῷ μεταξὺ Ἀγγλικοὶ καὶ Τουρκικοὶ κύκλοι κατηγοροῦν τὴν Ἑλλάδα ὅτι ἀποστέλλει ὅπλα εἰς τὴν Κύπρον, διὰ νὰ ἀποσπάσουν τὴν προσοχὴν τῆς διεθνοῦς κοινῆς γνώμης.

Ο ΜΑΚΑΡΙΟΣ ΠΕΡΙΜΕΝΕΙ

ΓΕΝΕΥΗ, 13. (Γαλλ. Πρακτ.). – Ὁ διαμεσολαβητὴς τοῦ ΟΗΕ ἀναμένεται νὰ συναντηθῇ μετὰ τῆς ἑλληνικῆς ἀντιπροσωπείας.

ΓΕΝΕΥΗ, 13. (Γαλλ. Πρακτ.). – Ὁ διαμεσολαβητὴς τοῦ ΟΗΕ ἀναμένεται νὰ συναντηθῇ μετὰ τῆς ἑλληνικῆς ἀντιπροσωπείας.

ΤΟ ΘΕΜΑ ΤΟΥ ΠΝΕΥΜΑΤΙΚΟΥ ΚΕΝΤΡΟΥ ΘΑ ΡΥΘΜΙΣΗ Ο κ. ΓΕΩΡΓ. ΠΑΠΑΝΔΡΕΟΥ

Ὁ πρωθυπουργὸς κ. Γ. Παπανδρέου θὰ ρυθμίσῃ τὸ θέμα τοῦ Πνευματικοῦ Κέντρου τῆς Ἀθήνας κατὰ τὴν προσεχῆ ἑβδομάδα.

Ὁ πρωθυπουργὸς κ. Γ. Παπανδρέου θὰ ρυθμίσῃ τὸ θέμα τοῦ Πνευματικοῦ Κέντρου τῆς Ἀθήνας κατὰ τὴν προσεχῆ ἑβδομάδα.

ΠΡΟΧΩΡΕΙ Η ΜΕΛΕΤΗ ΤΟΥ ΚΑΤΑΣΤΑΤΙΚΟΥ ΧΑΡΤΟΥ ΤΗΣ ΕΚΚΛΗΣΙΑΣ

Ἡ Ἱερὰ Σύνοδος προχωρεῖ εἰς τὴν μελέτην τοῦ νέου Καταστατικοῦ Χάρτου τῆς Ἐκκλησίας τῆς Ἑλλάδος.

Ἡ Ἱερὰ Σύνοδος προχωρεῖ εἰς τὴν μελέτην τοῦ νέου Καταστατικοῦ Χάρτου τῆς Ἐκκλησίας τῆς Ἑλλάδος.

Ο κ. ΒΑΡΔΙΝΟΓΙΑΝΝΗΣ ΕΠΑΝΗΛΘΕ ΧΘΕΣ ΕΚ ΤΟΥ ΟΥΓΓΑΡΙΑΣ

Ἐπέστρεψεν χθὲς ἐκ Βουδαπέστης ὁ ὑφυπουργὸς κ. Βαρδινογιάννης ὅπου μετέσχεν εἰς διεθνῆ διάσκεψιν.

Ἐπέστρεψεν χθὲς ἐκ Βουδαπέστης ὁ ὑφυπουργὸς κ. Βαρδινογιάννης ὅπου μετέσχεν εἰς διεθνῆ διάσκεψιν.

Ἐπέστρεψεν χθὲς ἐκ Βουδαπέστης ὁ ὑφυπουργὸς κ. Βαρδινογιάννης ὅπου μετέσχεν εἰς διεθνῆ διάσκεψιν.

ΣΥΝΕΧΙΣΘΗ Η ΑΠΕΡΓΙΑ ΤΟΥ ΠΡΟΣΩΠΙΚΟΥ ΤΩΝ ΛΕΩΦΟΡΕΙΩΝ Ε.Η.Σ.

Συνεχίζεται ἡ ἀπεργία τοῦ προσωπικοῦ τῶν λεωφορείων τῆς Ε.Η.Σ. Αἱ διαπραγματεύσεις δὲν ἀπέδωσαν.

Συνεχίζεται ἡ ἀπεργία τοῦ προσωπικοῦ τῶν λεωφορείων τῆς Ε.Η.Σ. Αἱ διαπραγματεύσεις δὲν ἀπέδωσαν.

ΟΙ ΠΝΕΥΜΑΤΙΚΟΙ ΔΕΣΜΟΙ ΤΗΣ ΕΛΛΑΔΟΣ ΜΕ ΤΗΝ ΑΡΓΕΝΤΙΝΗΝ

Ὁ πρέσβυς τῆς Ἀργεντινῆς ἐδήλωσεν ὅτι οἱ πνευματικοὶ δεσμοὶ τῶν δύο χωρῶν εἶναι στενοί.

Ὁ πρέσβυς τῆς Ἀργεντινῆς ἐδήλωσεν ὅτι οἱ πνευματικοὶ δεσμοὶ τῶν δύο χωρῶν εἶναι στενοί.

Η ΣΥΓΚΕΝΤΡΩΣΙΣ ΔΙΑ ΤΑ ΕΚΤΑΚΤΑ ΜΕΤΡΑ ΕΠΡΑΓΜΑΤΟΠΟΙΗΘΗ ΧΘΕΣ

Ἐπραγματοποιήθη χθὲς ἡ συγκέντρωσις τῶν ἀντιπροσώπων διὰ τὰ ἔκτακτα μέτρα.

Ἐπραγματοποιήθη χθὲς ἡ συγκέντρωσις τῶν ἀντιπροσώπων διὰ τὰ ἔκτακτα μέτρα.

ΕΓΚΡΙΣΙΣ ΠΙΣΤΩΣΕΩΣ ΔΙΑ ΤΟ ΣΑΝΑΤΟΡΙΟΝ ΠΑΤΡΩΝ

Ἐνεκρίθη πίστωσις διὰ τὴν ἐπέκτασιν τοῦ Σανατορίου Πατρῶν.

Ἐνεκρίθη πίστωσις διὰ τὴν ἐπέκτασιν τοῦ Σανατορίου Πατρῶν.

ΕΙΣ ΑΠΕΡΓΙΑΝ ΟΙ ΥΠΑΛΛΗΛΟΙ ΤΩΝ ΝΟΣΟΚΟΜΕΙΩΝ

Οἱ ὑπάλληλοι τῶν νοσοκομείων προκήρυξαν 24ωρον ἀπεργίαν.

Οἱ ὑπάλληλοι τῶν νοσοκομείων προκήρυξαν 24ωρον ἀπεργίαν.

Συνομιλίαι μὲ τὸ Βελιγράδιον διὰ τροποποίησιν τῆς Συμφωνίας περὶ μεθοριακῆς ἐπικοινωνίας
ΠΡΟΣ ΣΥΣΦΙΓΞΙΝ ΤΩΝ ΣΧΕΣΕΩΝ ΜΕΤΑΞΥ ΕΛΛΑΔΟΣ–ΒΟΥΛΓΑΡΙΑΣ

Κατὰ τὰς διεξαγομένας εἰς Βελιγράδιον ἑλληνογιουγκοσλαυϊκὰς συνομιλίας ἐξετάζονται αἱ τροποποιήσεις τῆς Συμφωνίας περὶ μεθοριακῆς ἐπικοινωνίας. Ἀμφότεραι αἱ πλευραὶ ἐξέφρασαν τὴν ἐπιθυμίαν διευκολύνσεως τῶν κατοίκων τῶν παραμεθορίων περιοχῶν.

Κατὰ τὰς διεξαγομένας εἰς Βελιγράδιον ἑλληνογιουγκοσλαυϊκὰς συνομιλίας ἐξετάζονται αἱ τροποποιήσεις τῆς Συμφωνίας περὶ μεθοριακῆς ἐπικοινωνίας. Ἀμφότεραι αἱ πλευραὶ ἐξέφρασαν τὴν ἐπιθυμίαν διευκολύνσεως τῶν κατοίκων τῶν παραμεθορίων περιοχῶν.

Κατὰ τὰς διεξαγομένας εἰς Βελιγράδιον ἑλληνογιουγκοσλαυϊκὰς συνομιλίας ἐξετάζονται αἱ τροποποιήσεις τῆς Συμφωνίας περὶ μεθοριακῆς ἐπικοινωνίας. Ἀμφότεραι αἱ πλευραὶ ἐξέφρασαν τὴν ἐπιθυμίαν διευκολύνσεως τῶν κατοίκων τῶν παραμεθορίων περιοχῶν.

ΤΑ ΕΛΛΗΝΟΒΟΥΛΓΑΡΙΚΑ

Κατὰ τὰς διεξαγομένας εἰς Βελιγράδιον ἑλληνογιουγκοσλαυϊκὰς συνομιλίας ἐξετάζονται αἱ τροποποιήσεις τῆς Συμφωνίας περὶ μεθοριακῆς ἐπικοινωνίας. Ἀμφότεραι αἱ πλευραὶ ἐξέφρασαν τὴν ἐπιθυμίαν διευκολύνσεως τῶν κατοίκων τῶν παραμεθορίων περιοχῶν.

Κατὰ τὰς διεξαγομένας εἰς Βελιγράδιον ἑλληνογιουγκοσλαυϊκὰς συνομιλίας ἐξετάζονται αἱ τροποποιήσεις τῆς Συμφωνίας περὶ μεθοριακῆς ἐπικοινωνίας. Ἀμφότεραι αἱ πλευραὶ ἐξέφρασαν τὴν ἐπιθυμίαν διευκολύνσεως τῶν κατοίκων τῶν παραμεθορίων περιοχῶν.

Κατὰ τὰς διεξαγομένας εἰς Βελιγράδιον ἑλληνογιουγκοσλαυϊκὰς συνομιλίας ἐξετάζονται αἱ τροποποιήσεις τῆς Συμφωνίας περὶ μεθοριακῆς ἐπικοινωνίας. Ἀμφότεραι αἱ πλευραὶ ἐξέφρασαν τὴν ἐπιθυμίαν διευκολύνσεως τῶν κατοίκων τῶν παραμεθορίων περιοχῶν.

ΑΙ ΕΠΙΣΤΟΛΑΙ ΠΑΠΑΝΔΡΕΟΥ — ΖΙΒΚΟΦ

Κατὰ τὰς διεξαγομένας εἰς Βελιγράδιον ἑλληνογιουγκοσλαυϊκὰς συνομιλίας ἐξετάζονται αἱ τροποποιήσεις τῆς Συμφωνίας περὶ μεθοριακῆς ἐπικοινωνίας. Ἀμφότεραι αἱ πλευραὶ ἐξέφρασαν τὴν ἐπιθυμίαν διευκολύνσεως τῶν κατοίκων τῶν παραμεθορίων περιοχῶν.

ΣΟΒ. ΡΩΣΙΑ ΚΑΙ ΚΙΝΑ ΕΠΑΝΕΛΑΒΟΝ ΒΙΑΙΑΣ ΚΑΤ' ΑΛΛΗΛΩΝ ΕΠΙΘΕΣΕΙΣ
ΑΠΟΚΛΕΙΕΤΑΙ ΠΛΕΟΝ ΣΥΜΦΙΛΙΩΣΙΣ
ΛΟΓΟΣ ΤΟΥ κ. ΚΡΟΥΣΤΣΕΦ ΕΙΣ ΤΟ ΑΝΤΟ. ΣΟΒΙΕΤ

ΛΟΝΔΙΝΟΝ, 13. (Γαλ. Πρ. – Γιουναϊτεντ). – Ἡ Σοβ. Ἕνωσις καὶ ἡ Κίνα ἐπανέλαβον τὰς ἐπιθέσεις των κατ' ἀλλήλων. Ὁ κ. Κρούστσεφ ἐδήλωσεν ὅτι αἱ διαφοραὶ εἶναι πλέον ἀγεφύρωτοι.

ΛΟΝΔΙΝΟΝ, 13. (Γαλ. Πρ. – Γιουναϊτεντ). – Ἡ Σοβ. Ἕνωσις καὶ ἡ Κίνα ἐπανέλαβον τὰς ἐπιθέσεις των κατ' ἀλλήλων. Ὁ κ. Κρούστσεφ ἐδήλωσεν ὅτι αἱ διαφοραὶ εἶναι πλέον ἀγεφύρωτοι.

ΛΟΝΔΙΝΟΝ, 13. (Γαλ. Πρ. – Γιουναϊτεντ). – Ἡ Σοβ. Ἕνωσις καὶ ἡ Κίνα ἐπανέλαβον τὰς ἐπιθέσεις των κατ' ἀλλήλων. Ὁ κ. Κρούστσεφ ἐδήλωσεν ὅτι αἱ διαφοραὶ εἶναι πλέον ἀγεφύρωτοι.

ΛΟΝΔΙΝΟΝ, 13. (Γαλ. Πρ. – Γιουναϊτεντ). – Ἡ Σοβ. Ἕνωσις καὶ ἡ Κίνα ἐπανέλαβον τὰς ἐπιθέσεις των κατ' ἀλλήλων. Ὁ κ. Κρούστσεφ ἐδήλωσεν ὅτι αἱ διαφοραὶ εἶναι πλέον ἀγεφύρωτοι.

ΛΟΝΔΙΝΟΝ, 13. (Γαλ. Πρ. – Γιουναϊτεντ). – Ἡ Σοβ. Ἕνωσις καὶ ἡ Κίνα ἐπανέλαβον τὰς ἐπιθέσεις των κατ' ἀλλήλων. Ὁ κ. Κρούστσεφ ἐδήλωσεν ὅτι αἱ διαφοραὶ εἶναι πλέον ἀγεφύρωτοι.

ΛΟΝΔΙΝΟΝ, 13. (Γαλ. Πρ. – Γιουναϊτεντ). – Ἡ Σοβ. Ἕνωσις καὶ ἡ Κίνα ἐπανέλαβον τὰς ἐπιθέσεις των κατ' ἀλλήλων. Ὁ κ. Κρούστσεφ ἐδήλωσεν ὅτι αἱ διαφοραὶ εἶναι πλέον ἀγεφύρωτοι.

ΑΓΓΛΙΚΗ ΕΠΙΘΕΩΡΗΣΙΣ ΕΞΑΙΡΕΙ ΤΗΝ ΦΥΣΙΟΓΝΩΜΙΑΝ ΤΟΥ ΕΛΛΗΝΟΣ ΠΡΩΘΥΠΟΥΡΓΟΥ κ. Γ. ΠΑΠΑΝΔΡΕΟΥ

Τὸ τελευταῖον τεῦχος τοῦ ἀγγλικοῦ περιοδικοῦ «Ἐκόνομιστ» δημοσιεύει ἄρθρον διὰ τὸν Ἕλληνα Πρωθυπουργόν, εἰς τὸ ὁποῖον ἐξαίρει τὴν πολιτικὴν του φυσιογνωμίαν καὶ τὰς προσπαθείας του διὰ τὴν λύσιν τοῦ Κυπριακοῦ.

Τὸ τελευταῖον τεῦχος τοῦ ἀγγλικοῦ περιοδικοῦ «Ἐκόνομιστ» δημοσιεύει ἄρθρον διὰ τὸν Ἕλληνα Πρωθυπουργόν, εἰς τὸ ὁποῖον ἐξαίρει τὴν πολιτικὴν του φυσιογνωμίαν καὶ τὰς προσπαθείας του διὰ τὴν λύσιν τοῦ Κυπριακοῦ.

Τὸ τελευταῖον τεῦχος τοῦ ἀγγλικοῦ περιοδικοῦ «Ἐκόνομιστ» δημοσιεύει ἄρθρον διὰ τὸν Ἕλληνα Πρωθυπουργόν, εἰς τὸ ὁποῖον ἐξαίρει τὴν πολιτικὴν του φυσιογνωμίαν καὶ τὰς προσπαθείας του διὰ τὴν λύσιν τοῦ Κυπριακοῦ.

Τὸ τελευταῖον τεῦχος τοῦ ἀγγλικοῦ περιοδικοῦ «Ἐκόνομιστ» δημοσιεύει ἄρθρον διὰ τὸν Ἕλληνα Πρωθυπουργόν, εἰς τὸ ὁποῖον ἐξαίρει τὴν πολιτικὴν του φυσιογνωμίαν καὶ τὰς προσπαθείας του διὰ τὴν λύσιν τοῦ Κυπριακοῦ.

Ο ΕΙΣΑΓΓΕΛΕΥΣ ΠΡΟΤΕΙΝΕΙ ΤΗΝ ΑΠΟΡΡΙΨΙΝ ΤΗΣ ΑΙΤΗΣΕΩΣ ΜΗΤΣΟΥ ΔΙΑ ΤΟΝ κ. ΣΑΡΤΖΕΤΑΚΗΝ

ΘΕΣΣΑΛΟΝΙΚΗ, 13. (Τοῦ ἀνταποκριτοῦ μας). – Ὁ Εἰσαγγελεὺς Ἐφετῶν προτείνει τὴν ἀπόρριψιν τῆς αἰτήσεως ἐξαιρέσεως τοῦ ἀνακριτοῦ κ. Σαρτζετάκη.

ΘΕΣΣΑΛΟΝΙΚΗ, 13. (Τοῦ ἀνταποκριτοῦ μας). – Ὁ Εἰσαγγελεὺς Ἐφετῶν προτείνει τὴν ἀπόρριψιν τῆς αἰτήσεως ἐξαιρέσεως τοῦ ἀνακριτοῦ κ. Σαρτζετάκη.

ΘΕΣΣΑΛΟΝΙΚΗ, 13. (Τοῦ ἀνταποκριτοῦ μας). – Ὁ Εἰσαγγελεὺς Ἐφετῶν προτείνει τὴν ἀπόρριψιν τῆς αἰτήσεως ἐξαιρέσεως τοῦ ἀνακριτοῦ κ. Σαρτζετάκη.

ΘΕΣΣΑΛΟΝΙΚΗ, 13. (Τοῦ ἀνταποκριτοῦ μας). – Ὁ Εἰσαγγελεὺς Ἐφετῶν προτείνει τὴν ἀπόρριψιν τῆς αἰτήσεως ἐξαιρέσεως τοῦ ἀνακριτοῦ κ. Σαρτζετάκη.

ΣΥΓΚΡΟΥΣΙΣ ΔΗΖΕΛΟΠΛΟΙΟΥ ΚΑΙ ΦΕΡΥ-ΜΠΩΤ ΧΘΕΣ ΕΙΣ ΤΟΝ ΠΕΙΡΑΙΑ ΜΕ ΤΡΕΙΣ ΤΡΑΥΜΑΤΙΑΣ

Τὴν 6.30 π.μ. χθὲς, τὸ ντηζελόπλοιον «Ἐλευθερία» συνεκρούσθη μετὰ τοῦ φέρυ-μπὼτ «Σαλαμίς» ἐντὸς τοῦ λιμένος τοῦ Πειραιῶς. Ἐτραυματίσθησαν ἐλαφρῶς τρεῖς ἐπιβάται.

Τὴν 6.30 π.μ. χθὲς, τὸ ντηζελόπλοιον «Ἐλευθερία» συνεκρούσθη μετὰ τοῦ φέρυ-μπὼτ «Σαλαμίς» ἐντὸς τοῦ λιμένος τοῦ Πειραιῶς. Ἐτραυματίσθησαν ἐλαφρῶς τρεῖς ἐπιβάται.

Τὴν 6.30 π.μ. χθὲς, τὸ ντηζελόπλοιον «Ἐλευθερία» συνεκρούσθη μετὰ τοῦ φέρυ-μπὼτ «Σαλαμίς» ἐντὸς τοῦ λιμένος τοῦ Πειραιῶς. Ἐτραυματίσθησαν ἐλαφρῶς τρεῖς ἐπιβάται.

Τὴν 6.30 π.μ. χθὲς, τὸ ντηζελόπλοιον «Ἐλευθερία» συνεκρούσθη μετὰ τοῦ φέρυ-μπὼτ «Σαλαμίς» ἐντὸς τοῦ λιμένος τοῦ Πειραιῶς. Ἐτραυματίσθησαν ἐλαφρῶς τρεῖς ἐπιβάται.

Ο ΒΑΣΙΛΕΥΣ ΚΑΙ Η ΑΝΝΑ–ΜΑΡΙΑ ΕΙΣ ΚΕΡΚΥΡΑΝ

ΚΕΡΚΥΡΑ, 13. (Τοῦ ἀνταποκριτοῦ μας). – Ἀφίχθησαν σήμερον ἐνταῦθα ὁ Βασιλεὺς Κωνσταντῖνος καὶ ἡ μνηστή του Πριγκήπισσα Ἄννα–Μαρία, οἱ ὁποῖοι θὰ παραμείνουν ἐπὶ τριήμερον.

ΚΕΡΚΥΡΑ, 13. (Τοῦ ἀνταποκριτοῦ μας). – Ἀφίχθησαν σήμερον ἐνταῦθα ὁ Βασιλεὺς Κωνσταντῖνος καὶ ἡ μνηστή του Πριγκήπισσα Ἄννα–Μαρία, οἱ ὁποῖοι θὰ παραμείνουν ἐπὶ τριήμερον.

ΚΕΡΚΥΡΑ, 13. (Τοῦ ἀνταποκριτοῦ μας). – Ἀφίχθησαν σήμερον ἐνταῦθα ὁ Βασιλεὺς Κωνσταντῖνος καὶ ἡ μνηστή του Πριγκήπισσα Ἄννα–Μαρία, οἱ ὁποῖοι θὰ παραμείνουν ἐπὶ τριήμερον.

ΚΕΡΚΥΡΑ, 13. (Τοῦ ἀνταποκριτοῦ μας). – Ἀφίχθησαν σήμερον ἐνταῦθα ὁ Βασιλεὺς Κωνσταντῖνος καὶ ἡ μνηστή του Πριγκήπισσα Ἄννα–Μαρία, οἱ ὁποῖοι θὰ παραμείνουν ἐπὶ τριήμερον.

Ο ΑΡΧΗΓΟΣ ΤΗΣ ΕΡΕ ΔΙΑ ΤΟ ΣΧΕΔΙΟΝ ΝΟΜΟΥ ΠΕΡΙ ΠΑΙΔΕΙΑΣ

Ὁ ἀρχηγὸς τῆς ΕΡΕ κ. Π. Κανελλόπουλος ἐδήλωσεν ὅτι τὸ κόμμα του θὰ καταψηφίσῃ τὸ νομοσχέδιον περὶ Παιδείας.

Ὁ ἀρχηγὸς τῆς ΕΡΕ κ. Π. Κανελλόπουλος ἐδήλωσεν ὅτι τὸ κόμμα του θὰ καταψηφίσῃ τὸ νομοσχέδιον περὶ Παιδείας.

Ὁ ἀρχηγὸς τῆς ΕΡΕ κ. Π. Κανελλόπουλος ἐδήλωσεν ὅτι τὸ κόμμα του θὰ καταψηφίσῃ τὸ νομοσχέδιον περὶ Παιδείας.

ΔΙΕΡΡΗΞΕ ΚΑΤΑΣΤΗΜΑ ΤΗΣ ΟΔΟΥ ΕΡΜΟΥ

Ἄγνωστοι διέρρηξαν κατὰ τὴν νύκτα κατάστημα τῆς ὁδοῦ Ἑρμοῦ καὶ ἀφήρεσαν ὑφάσματα ἀξίας 30.000 δρχ.

ΑΥΤΟΚΙΝΗΤΩΝ Ι.Χ. ΑΠΕΚΦΑΣΙΣ 4ΕΤΗ

Περὶ τὰ μεσάνυκτα τῆς Κυριακῆς συνελήφθη ὁ κλέπτης αὐτοκινήτων ὁ ὁποῖος κατεδικάσθη εἰς φυλάκισιν 4 ἐτῶν.

Ο ΥΠΟΥΡΓΟΣ ΕΞΩΤΕΡΙΚΩΝ ΤΗΣ ΜΑΔΑΓΑΣΚΑΡΗΣ

Ἀφίχθη χθὲς εἰς Ἀθήνας ὁ ὑπουργὸς τῶν Ἐξωτερικῶν τῆς Μαδαγασκάρης, ὁ ὁποῖος θὰ συναντηθῇ μετὰ τοῦ κ. Κωστοπούλου.
